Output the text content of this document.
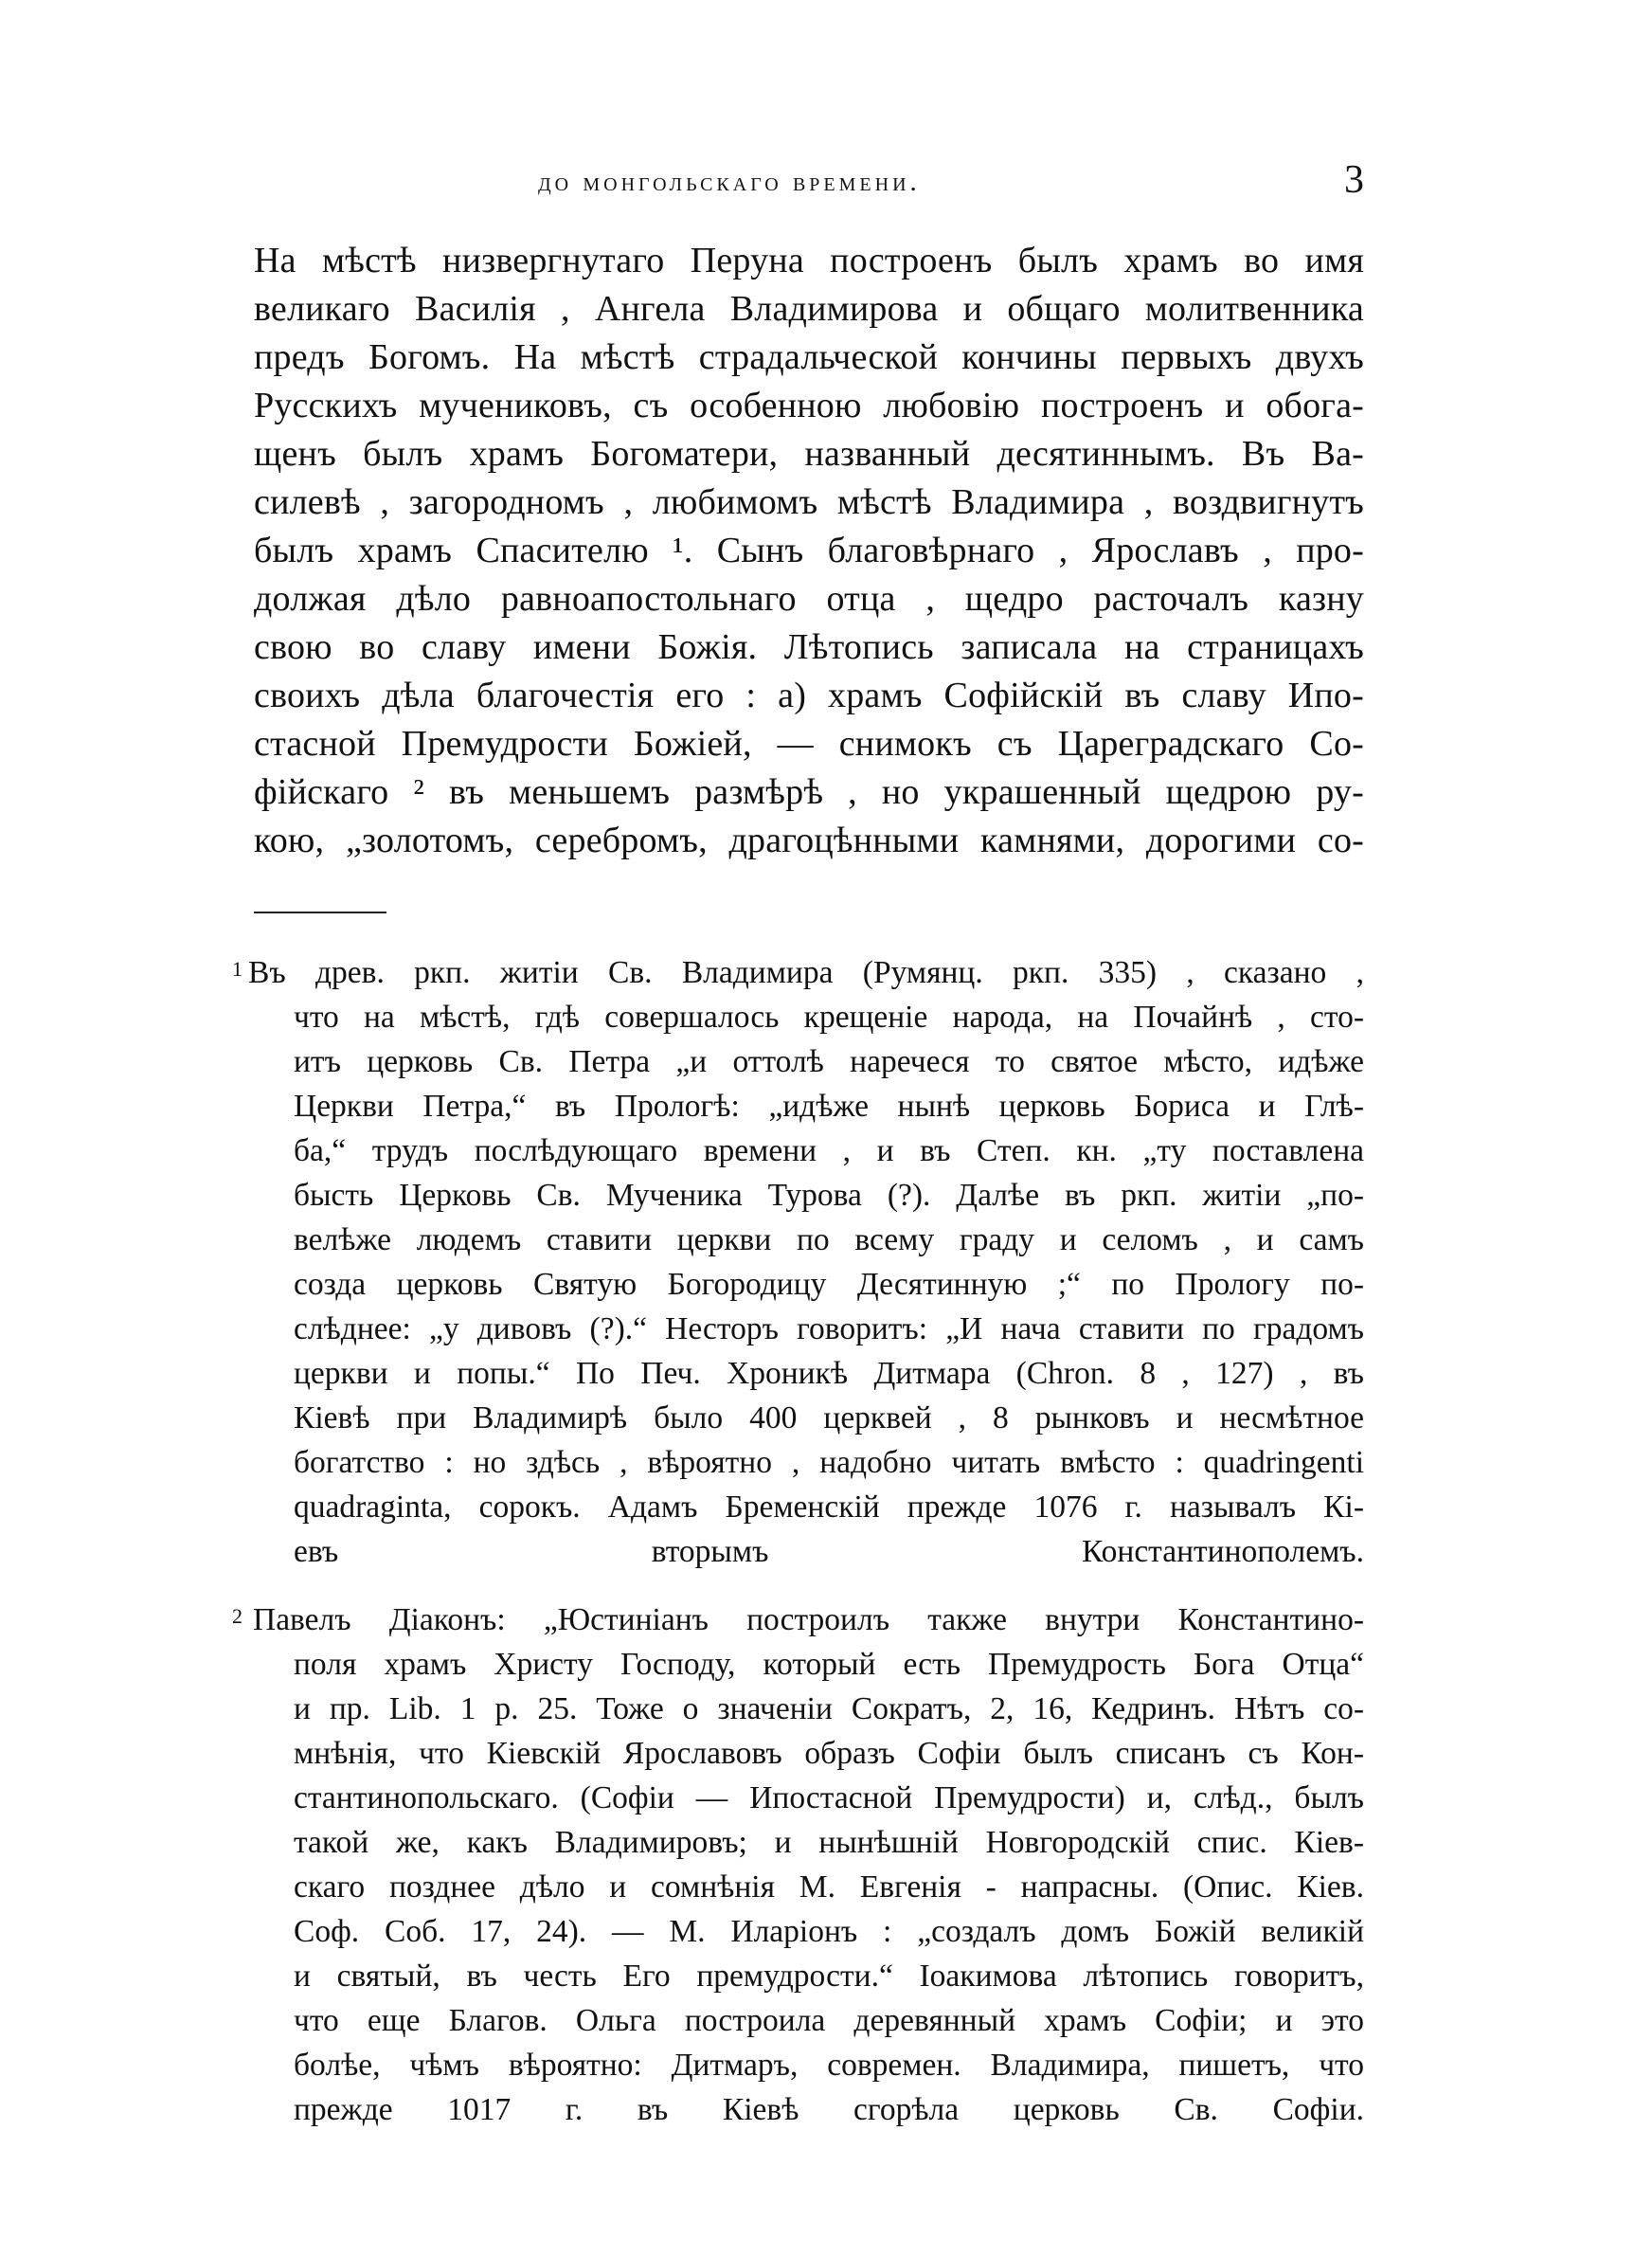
до монгольскаго времени.	3
На мѣстѣ низвергнутаго Перуна построенъ былъ храмъ во имя
великаго Василія , Ангела Владимирова и общаго молитвенника
предъ Богомъ. На мѣстѣ страдальческой кончины первыхъ двухъ
Русскихъ мучениковъ, съ особенною любовію построенъ и обога-
щенъ былъ храмъ Богоматери, названный десятиннымъ. Въ Ва-
силевѣ , загородномъ , любимомъ мѣстѣ Владимира , воздвигнутъ
былъ храмъ Спасителю ¹. Сынъ благовѣрнаго , Ярославъ , про-
должая дѣло равноапостольнаго отца , щедро расточалъ казну
свою во славу имени Божія. Лѣтопись записала на страницахъ
своихъ дѣла благочестія его : а) храмъ Софійскій въ славу Ипо-
стасной Премудрости Божіей, — снимокъ съ Цареградскаго Со-
фійскаго ² въ меньшемъ размѣрѣ , но украшенный щедрою ру-
кою, „золотомъ, серебромъ, драгоцѣнными камнями, дорогими со-
1 Въ древ. ркп. житіи Св. Владимира (Румянц. ркп. 335) , сказано ,
что на мѣстѣ, гдѣ совершалось крещеніе народа, на Почайнѣ , сто-
итъ церковь Св. Петра „и оттолѣ наречеся то святое мѣсто, идѣже
Церкви Петра,“ въ Прологѣ: „идѣже нынѣ церковь Бориса и Глѣ-
ба,“ трудъ послѣдующаго времени , и въ Степ. кн. „ту поставлена
бысть Церковь Св. Мученика Турова (?). Далѣе въ ркп. житіи „по-
велѣже людемъ ставити церкви по всему граду и селомъ , и самъ
созда церковь Святую Богородицу Десятинную ;“ по Прологу по-
слѣднее: „у дивовъ (?).“ Несторъ говоритъ: „И нача ставити по градомъ
церкви и попы.“ По Печ. Хроникѣ Дитмара (Chron. 8 , 127) , въ
Кіевѣ при Владимирѣ было 400 церквей , 8 рынковъ и несмѣтное
богатство : но здѣсь , вѣроятно , надобно читать вмѣсто : quadringenti
quadraginta, сорокъ. Адамъ Бременскій прежде 1076 г. называлъ Кі-
евъ вторымъ Константинополемъ.
2 Павелъ Діаконъ: „Юстиніанъ построилъ также внутри Константино-
поля храмъ Христу Господу, который есть Премудрость Бога Отца“
и пр. Lib. 1 p. 25. Тоже о значеніи Сократъ, 2, 16, Кедринъ. Нѣтъ со-
мнѣнія, что Кіевскій Ярославовъ образъ Софіи былъ списанъ съ Кон-
стантинопольскаго. (Софіи — Ипостасной Премудрости) и, слѣд., былъ
такой же, какъ Владимировъ; и нынѣшній Новгородскій спис. Кіев-
скаго позднее дѣло и сомнѣнія М. Евгенія - напрасны. (Опис. Кіев.
Соф. Соб. 17, 24). — М. Иларіонъ : „создалъ домъ Божій великій
и святый, въ честь Его премудрости.“ Іоакимова лѣтопись говоритъ,
что еще Благов. Ольга построила деревянный храмъ Софіи; и это
болѣе, чѣмъ вѣроятно: Дитмаръ, современ. Владимира, пишетъ, что
прежде 1017 г. въ Кіевѣ сгорѣла церковь Св. Софіи.
